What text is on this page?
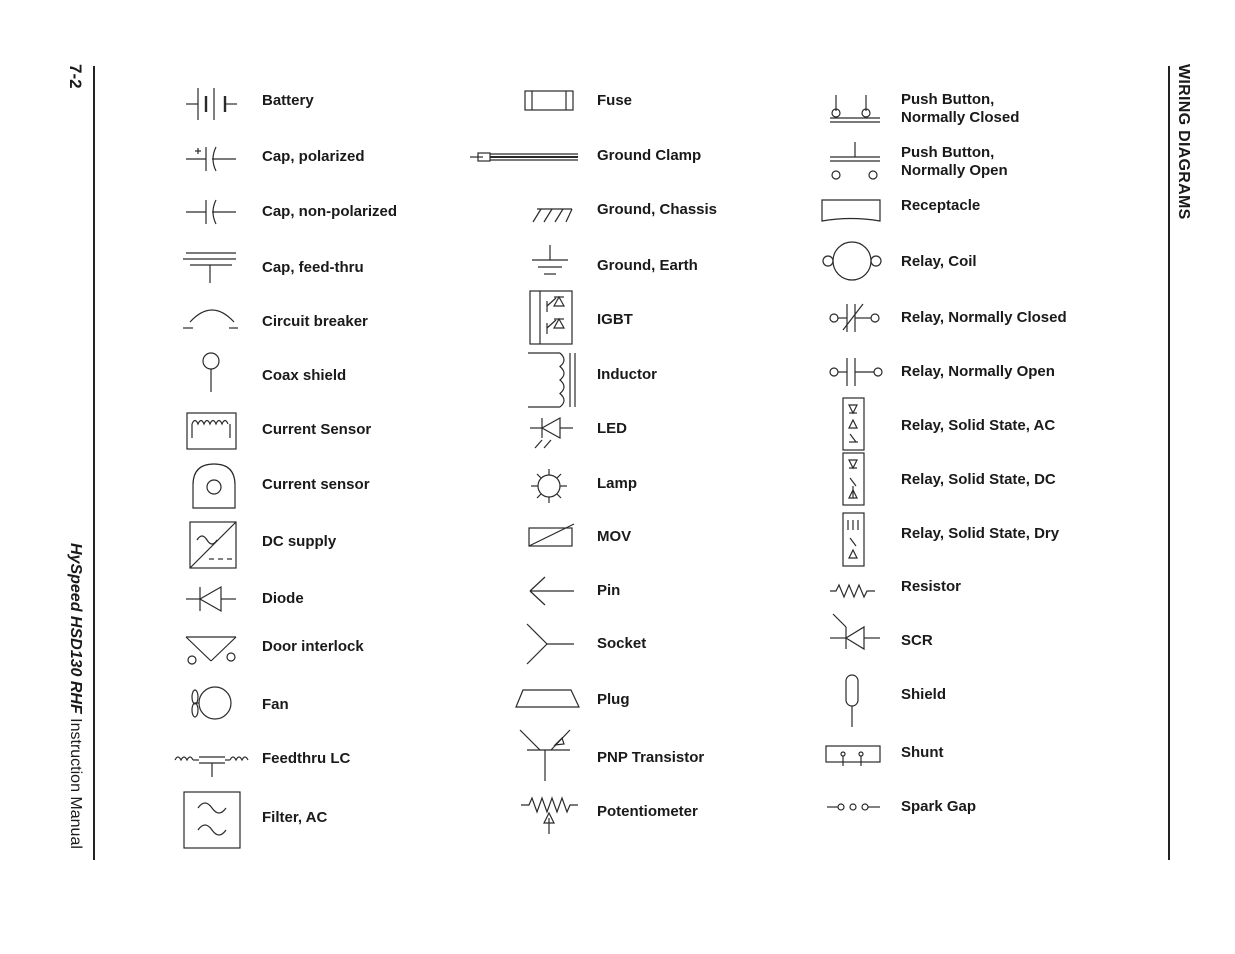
7-2
HySpeed HSD130 RHF Instruction Manual
WIRING DIAGRAMS
Battery
Cap, polarized
Cap, non-polarized
Cap, feed-thru
Circuit breaker
Coax shield
Current Sensor
Current sensor
DC supply
Diode
Door interlock
Fan
Feedthru LC
Filter, AC
Fuse
Ground Clamp
Ground, Chassis
Ground, Earth
IGBT
Inductor
LED
Lamp
MOV
Pin
Socket
Plug
PNP Transistor
Potentiometer
Push Button,
Normally Closed
Push Button,
Normally Open
Receptacle
Relay, Coil
Relay, Normally Closed
Relay, Normally Open
Relay, Solid State, AC
Relay, Solid State, DC
Relay, Solid State, Dry
Resistor
SCR
Shield
Shunt
Spark Gap
